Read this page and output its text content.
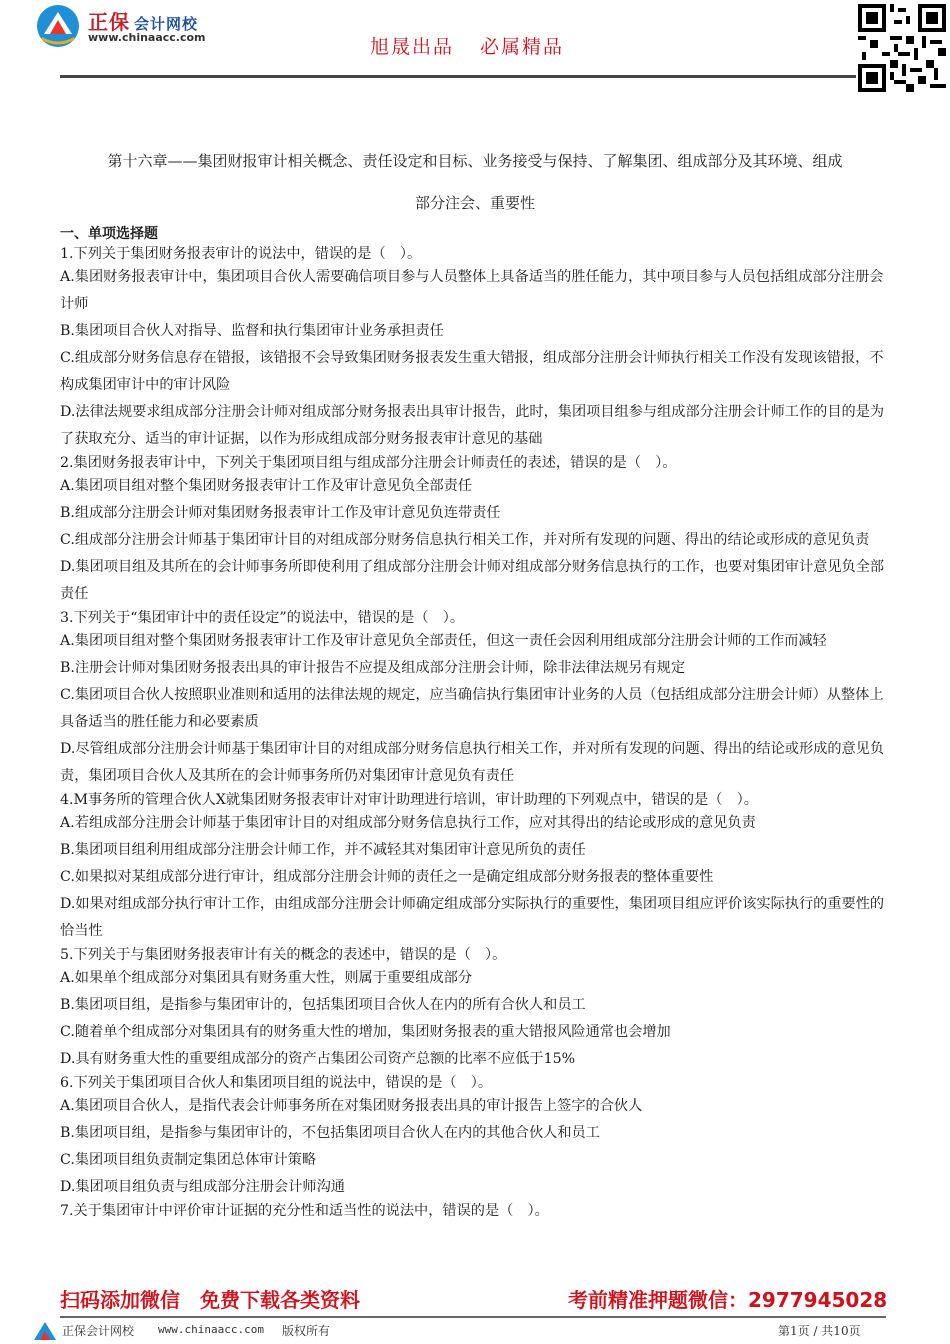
正保 会计网校
www.chinaacc.com	旭晟出品 必属精品
第十六章——集团财报审计相关概念、责任设定和目标、业务接受与保持、了解集团、组成部分及其环境、组成
部分注会、重要性
一、单项选择题
1.下列关于集团财务报表审计的说法中，错误的是（　）。
A.集团财务报表审计中，集团项目合伙人需要确信项目参与人员整体上具备适当的胜任能力，其中项目参与人员包括组成部分注册会计师
B.集团项目合伙人对指导、监督和执行集团审计业务承担责任
C.组成部分财务信息存在错报，该错报不会导致集团财务报表发生重大错报，组成部分注册会计师执行相关工作没有发现该错报，不构成集团审计中的审计风险
D.法律法规要求组成部分注册会计师对组成部分财务报表出具审计报告，此时，集团项目组参与组成部分注册会计师工作的目的是为了获取充分、适当的审计证据，以作为形成组成部分财务报表审计意见的基础
2.集团财务报表审计中，下列关于集团项目组与组成部分注册会计师责任的表述，错误的是（　）。
A.集团项目组对整个集团财务报表审计工作及审计意见负全部责任
B.组成部分注册会计师对集团财务报表审计工作及审计意见负连带责任
C.组成部分注册会计师基于集团审计目的对组成部分财务信息执行相关工作，并对所有发现的问题、得出的结论或形成的意见负责
D.集团项目组及其所在的会计师事务所即使利用了组成部分注册会计师对组成部分财务信息执行的工作，也要对集团审计意见负全部责任
3.下列关于“集团审计中的责任设定”的说法中，错误的是（　）。
A.集团项目组对整个集团财务报表审计工作及审计意见负全部责任，但这一责任会因利用组成部分注册会计师的工作而减轻
B.注册会计师对集团财务报表出具的审计报告不应提及组成部分注册会计师，除非法律法规另有规定
C.集团项目合伙人按照职业准则和适用的法律法规的规定，应当确信执行集团审计业务的人员（包括组成部分注册会计师）从整体上具备适当的胜任能力和必要素质
D.尽管组成部分注册会计师基于集团审计目的对组成部分财务信息执行相关工作，并对所有发现的问题、得出的结论或形成的意见负责，集团项目合伙人及其所在的会计师事务所仍对集团审计意见负有责任
4.M事务所的管理合伙人X就集团财务报表审计对审计助理进行培训，审计助理的下列观点中，错误的是（　）。
A.若组成部分注册会计师基于集团审计目的对组成部分财务信息执行工作，应对其得出的结论或形成的意见负责
B.集团项目组利用组成部分注册会计师工作，并不减轻其对集团审计意见所负的责任
C.如果拟对某组成部分进行审计，组成部分注册会计师的责任之一是确定组成部分财务报表的整体重要性
D.如果对组成部分执行审计工作，由组成部分注册会计师确定组成部分实际执行的重要性，集团项目组应评价该实际执行的重要性的恰当性
5.下列关于与集团财务报表审计有关的概念的表述中，错误的是（　）。
A.如果单个组成部分对集团具有财务重大性，则属于重要组成部分
B.集团项目组，是指参与集团审计的，包括集团项目合伙人在内的所有合伙人和员工
C.随着单个组成部分对集团具有的财务重大性的增加，集团财务报表的重大错报风险通常也会增加
D.具有财务重大性的重要组成部分的资产占集团公司资产总额的比率不应低于15%
6.下列关于集团项目合伙人和集团项目组的说法中，错误的是（　）。
A.集团项目合伙人，是指代表会计师事务所在对集团财务报表出具的审计报告上签字的合伙人
B.集团项目组，是指参与集团审计的，不包括集团项目合伙人在内的其他合伙人和员工
C.集团项目组负责制定集团总体审计策略
D.集团项目组负责与组成部分注册会计师沟通
7.关于集团审计中评价审计证据的充分性和适当性的说法中，错误的是（　）。
扫码添加微信　免费下载各类资料	考前精准押题微信：2977945028
正保会计网校 www.chinaacc.com 版权所有	第1页 / 共10页
